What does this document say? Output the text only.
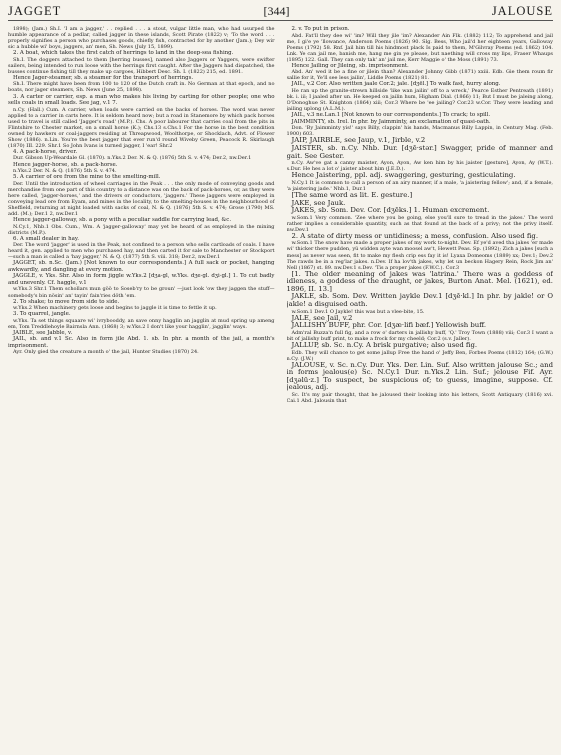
JAGGET	[344]	JALOUSE

1898); (Jam.) Sh.I. 'I am a jagger,' . . replied . . . a stout, vulgar little man, who had usurped the humble appearance of a pedlar, called jagger in these islands, Scott Pirate (1822) v; 'To the word . . . properly signifies a person who purchases goods, chiefly fish, contracted for by another (Jam.); Dey wir sic a hubble wi' boys, jaggers, an' men, Sh. News (July 15, 1899).

2. A boat, which takes the first catch of herrings to land in the deep-sea fishing.

Sh.I. The doggers attached to them [herring busses], named also Jaggers or Yaggers, were swifter sailers, being intended to run loose with the herrings first caught. After the Jaggers had dispatched, the busses continue fishing till they make up cargoes, Hibbert Desc. Sh. I. (1822) 215, ed. 1891.

Hence Jager-steamer, sb. a steamer for the transport of herrings.

Sh.I. There might have been from 100 to 120 of the Dutch craft in. No German at that epoch, and no boats, nor jager steamers, Sh. News (June 25, 1898).

3. A carter or carrier, esp. a man who makes his living by carting for other people; one who sells coals in small loads. See jag, v.1 7.

n.Cy. (Hall.) Cum. A carrier, when loads were carried on the backs of horses. The word was never applied to a carrier in carts here. It is seldom heard now; but a road in Stanemore by which pack horses used to travel is still called 'Jagger's road' (M.P.). Chs. A poor labourer that carries coal from the pits in Flintshire to Chester market, on a small horse (K.); Chs.13 s.Chs.1 For the horse in the best condition owned by hawkers or coal-jaggers residing at Threapwood, Woolthorpe, or Shocklach, Advt. of Flower Show (1886). n.Lin. You're the best jagger that ever run'd round Wiveby Green, Peacock R. Skirlaugh (1870) III. 229. Shr.1 So John Ivans is turned jagger, I 'ear! Shr.2

4. A pack-horse, driver.

Dur. Gibson Up-Weardale Gl. (1870). n.Yks.2 Der. N. & Q. (1876) 5th S. v. 474; Der.2, nw.Der.1

Hence jagger-horse, sb. a pack-horse.

n.Yks.2 Der. N. & Q. (1876) 5th S. v. 474.

5. A carrier of ore from the mine to the smelting-mill.

Der. Until the introduction of wheel carriages in the Peak . . . the only mode of conveying goods and merchandise from one part of this country to a distance was on the back of pack-horses, or, as they were here called, 'jagger-horses,' and the drivers or conductors, 'jaggers.' These jaggers were employed in conveying lead ore from Eyam, and mines in the locality, to the smelting-houses in the neighbourhood of Sheffield, returning at night loaded with sacks of coal, N. & Q. (1876) 5th S. v. 474; Grose (1790) MS. add. (M.); Der.1 2, nw.Der.1

Hence jagger-galloway, sb. a pony with a peculiar saddle for carrying lead, &c.

N.Cy.1, Nhb.1 Obs. Cum., Wm. A 'jagger-galloway' may yet be heard of as employed in the mining districts (M.P.).

6. A small dealer in hay.

Der. The word 'jagger' is used in the Peak, not confined to a person who sells cartloads of coals. I have heard it, gen. applied to men who purchased hay, and then carted it for sale to Manchester or Stockport—such a man is called a 'hay jagger,' N. & Q. (1877) 5th S. viii. 318; Der.2, nw.Der.1

JAGGET, sb. n.Sc. (Jam.) [Not known to our correspondents.] A full sack or pocket, hanging awkwardly, and dangling at every motion.

JAGGLE, v. Yks. Shr. Also in form jiggle w.Yks.2 [dʒa·gl, w.Yks. dʒe·gl. dʒi·gl.] 1. To cut badly and unevenly. Cf. haggle, v.1

w.Yks.3 Shr.1 Them schollars mun göö to Soseb'ry to be groun' —just look 'ow they jaggen the stuff—somebody's bin nösin' an' tayin' fain'ries döth 'em.

2. To shake; to move from side to side.

w.Yks.2 When machinery gets loose and begins to jaggle it is time to fettle it up.

3. To quarrel, jangle.

w.Yks. Ta set things squaare wi' ivrybooddy, an save onny hagglin an jagglin at mud spring up ameng em, Tom Treddlehoyle Bairnsla Ann. (1868) 3; w.Yks.2 I don't like your hagglin', jagglin' ways.

JAIBLE, see Jabble, v.

JAIL, sb. and v.1 Sc. Also in form jile Abd. 1. sb. In phr. a month of the jail, a month's imprisonment.

Ayr. Only gied the creature a month o' the jail, Hunter Studies (1870) 24.

2. v. To put in prison.

Abd. Fat'll they dee wi' 'im? Will they jile 'im? Alexander Ain Flk. (1882) 112; To apprehend and jail me, I gi'e ye 'llowance, Anderson Poems (1826) 90. Slg. Bess, Who jail'd her eighteen years, Galloway Poems (1792) 58. Rnf. Jail him till his hindmost plack Is paid to them, M'Gilvray Poems (ed. 1862) 104. Lnk. Ye can jail me, banish me, hang me gin ye please, but naething will cross my lips, Fraser Whaups (1895) 122. Gall. They can only tak' an' jail me, Kerr Maggie o' the Moss (1891) 73.

Hence Jailing or Jileing, sb. imprisonment.

Abd. An' wed it be a fine or jilein than? Alexander Johnny Gibb (1871) xxiii. Edb. Gie them roum fir sallie for it, Ye'll see less jailin', Liddle Poems (1821) 81.

JAIL, v.2 Cor. Also written jaale Cor.2; jale. [dʒēl.] To walk fast, hurry along.

He ran up the granite-strewn hillside 'like wan jailin' off to a wreck,' Pearce Esther Pentreath (1891) bk. i. iii; I jaaled after un. He keeped on jailin hum, Higham Dial. (1866) 11; But I must be jaleing along, O'Donoghue St. Knighton (1864) xiii; Cor.3 Where be 'ee jailing? Cor.23 w.Cor. They were leading and jailing uplong (A.L.M.).

JAIL, v.3 ne.Lan.1 [Not known to our correspondents.] To crack; to spill.

JAIMMINTY, sb. Irel. In phr. by Jaimminty, an exclamation of quasi-oath.

Don. 'By Jaimminty yis!' says Billy, clappin' his hands, Macmanus Billy Lappin, in Century Mag. (Feb. 1900) 603.

JAIP, JAIRBLE, see Jaup, v.1, Jirble, v.2

JAISTER, sb. n.Cy. Nhb. Dur. [dʒē·stər.] Swagger, pride of manner and gait. See Gester.

n.Cy. Aw've gat a canny maister, Ayon, Ayon, Aw ken him by his jaister [gesture], Ayon, Ay (W.T.). s.Dur. He hes a lot o' jaister about him (J.E.D.).

Hence Jaistering, ppl. adj. swaggering, gesturing, gesticulating.

N.Cy.1 It is common to call a person of an airy manner, if a male, 'a jaistering fellow'; and, if a female, 'a jaistering jade.' Nhb.1, Dur.1

[The same word as lit. E. gesture.]

JAKE, see Jauk.

JAKES, sb. Som. Dev. Cor. [dʒēks.] 1. Human excrement.

w.Som.1 Very common. 'Zee where you be going, else you'll sure to tread in the jakes.' The word rather implies a considerable quantity, such as that found at the back of a privy; not the privy itself. nw.Dev.1

2. A state of dirty mess or untidiness; a mess, confusion. Also used fig.

w.Som.1 The snow have made a proper jakes of my work to-night. Dev. Ef ye'd aved tha jakes 'er made wi' thicker there pudden, yü widden ayte wan moosel aw't, Hewett Peas. Sp. (1892); Zich a jakes [such a mess] as never was seen, fit to make my flesh crip ess fay it is! Lyaxa Domeoms (1889) xx; Dev.1; Dev.2 The rawds be in a reg'lar jakes. n.Dev. If ha lov'th jakes, why let un beckon Hagery Rein, Rock Jim an' Nell (1867) st. 89. nw.Dev.1 s.Dev. 'Tis a proper jakes (F.W.C.). Cor.3

[1. The older meaning of jakes was 'latrina.' There was a goddess of idleness, a goddess of the draught, or jakes, Burton Anat. Mel. (1621), ed. 1896, II. 13.]

JAKLE, sb. Som. Dev. Written jaykle Dev.1 [dʒē·kl.] In phr. by jakle! or O jakle! a disguised oath.

w.Som.1 Dev.1 O Jaykle! this was but a vlee-bite, 15.

JALE, see Jail, v.2

JALLISHY BUFF, phr. Cor. [dʒæ·lifi bæf.] Yellowish buff.

Adm'ral Buzza'n full fig, and a row o' darters in jallishy buff, 'Q.' Troy Town (1888) viii; Cor.3 I want a bit of jallishy buff print, to make a frock for my cheeld; Cor.2 (s.v. Jaller).

JALLUP, sb. Sc. n.Cy. A brisk purgative; also used fig.

Edb. They will chance to get some jallup Free the hand o' Jeffy Ben, Forbes Poems (1812) 164; (G.W.) n.Cy. (J.W.)

JALOUSE, v. Sc. n.Cy. Dur. Yks. Der. Lin. Suf. Also written jalouse Sc.; and in forms jealous(e) Sc. N.Cy.1 Dur. n.Yks.2 Lin. Suf.; jelouse Fif. Ayr. [dʒəlū·z.] To suspect, be suspicious of; to guess, imagine, suppose. Cf. jealous, adj.

Sc. It's my pair thought, that he jaloused their looking into his letters, Scott Antiquary (1816) xvi. Cai.1 Abd. Jalousin that
